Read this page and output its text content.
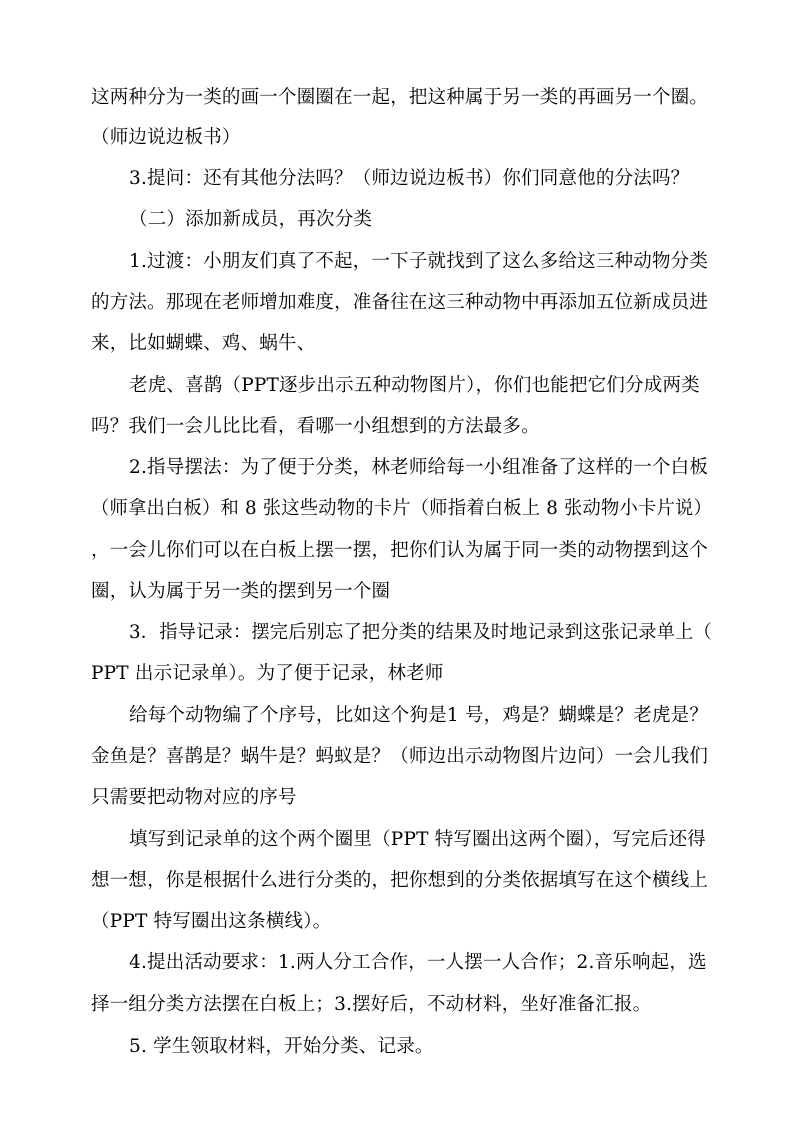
这两种分为一类的画一个圈圈在一起，把这种属于另一类的再画另一个圈。
（师边说边板书）
3.提问：还有其他分法吗？（师边说边板书）你们同意他的分法吗？
（二）添加新成员，再次分类
1.过渡：小朋友们真了不起，一下子就找到了这么多给这三种动物分类
的方法。那现在老师增加难度，准备往在这三种动物中再添加五位新成员进
来，比如蝴蝶、鸡、蜗牛、
老虎、喜鹊（PPT逐步出示五种动物图片），你们也能把它们分成两类
吗？我们一会儿比比看，看哪一小组想到的方法最多。
2.指导摆法：为了便于分类，林老师给每一小组准备了这样的一个白板
（师拿出白板）和 8 张这些动物的卡片（师指着白板上 8 张动物小卡片说）
，一会儿你们可以在白板上摆一摆，把你们认为属于同一类的动物摆到这个
圈，认为属于另一类的摆到另一个圈
3．指导记录：摆完后别忘了把分类的结果及时地记录到这张记录单上（
PPT 出示记录单）。为了便于记录，林老师
给每个动物编了个序号，比如这个狗是1 号，鸡是？蝴蝶是？老虎是？
金鱼是？喜鹊是？蜗牛是？蚂蚁是？（师边出示动物图片边问）一会儿我们
只需要把动物对应的序号
填写到记录单的这个两个圈里（PPT 特写圈出这两个圈），写完后还得
想一想，你是根据什么进行分类的，把你想到的分类依据填写在这个横线上
（PPT 特写圈出这条横线）。
4.提出活动要求：1.两人分工合作，一人摆一人合作；2.音乐响起，选
择一组分类方法摆在白板上；3.摆好后，不动材料，坐好准备汇报。
5. 学生领取材料，开始分类、记录。
